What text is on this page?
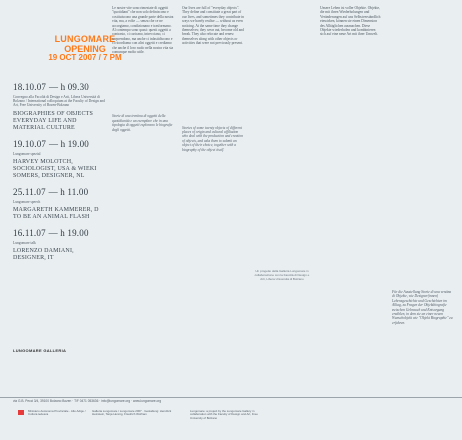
LUNGOMARE
OPENING
19 OCT 2007 / 7 PM
18.10.07 — h 09.30
Convegno alla Facoltà di Design e Arti, Libera Università di Bolzano / International colloquium at the Faculty of Design and Art, Free University of Bozen-Bolzano
BIOGRAPHIES OF OBJECTS EVERYDAY LIFE AND MATERIAL CULTURE
19.10.07 — h 19.00
Lungomare spezial
HARVEY MOLOTCH, SOCIOLOGIST, USA & WIEKI SOMERS, DESIGNER, NL
25.11.07 — h 11.00
Lungomare speech
MARGARETH KAMMERER, D TO BE AN ANIMAL FLASH
16.11.07 — h 19.00
Lungomare talk
LORENZO DAMIANI, DESIGNER, IT
Le nostre vite sono rimestate di oggetti "quotidiani" che non solo definiscono e costituiscono una grande parte della nostra vita, ma, a volte — senza che ce ne accorgiamo, condizionano e trasformano. Al contempo sono quasi: questi oggetti a contrasto, ci caricano, intrecciano, ci sorprendono, ma anche ci infastidiscono e ci ricordiamo con altri oggetti e crediamo che anche il loro ruolo nella nostra vita sia comunque molto utile.
Storie di una trentina di oggetti della quotidianità e un esemplare che in una tipologia di oggetti esplorano le biografie degli oggetti.
Our lives are full of "everyday objects". They define and constitute a great part of our lives, and sometimes they contribute in ways we barely realise — without us even noticing. At the same time they change themselves; they wear out, become old and break. They also relocate and renew themselves along with other objects or activities that were not previously present.
Stories of some twenty objects of different places of origin and cultural affiliation who deal with the production and creation of objects, and asks them to submit an object of their choice, together with a biography of the object itself.
Un progetto della Galleria Lungomare in collaborazione con la Facoltà di Design e Arti, Libera Università di Bolzano
Unsere Leben ist voller Objekte. Objekte, die mit ihren Wiederholungen und Veränderungen auf uns Selbstverständlich einwirken, können sie einen Dimension des Alltäglichen ausmachen. Diese Objekte wiederholen und kombinieren sich auf eine neue Art mit ihrer Umwelt.
Für die Ausstellung Storie di una ventina di Objekte, wie Designer(innen) Lebensgeschichte und Geschichten im Alltag, zu Fragen der Objektbiografie zwischen Gebrauch und Entsorgung erzählen, in dem sie an einer neuen Wunschobjekt wie "Objekt Biographie" zu erfahren.
LUNGOMARE GALLERIA
via G.B. Pecci 3/4, 39100 Bolzano Bozen · T/F 0471 053636 · info@lungomare.org · www.lungomare.org
Ministero Autonoma Provinciale - Alto Adige / Cultura tedesca
Galleria Lungomare / Lungomare 2007 · Gestaltung: Hendrick Heinstein, Tanja Hennig, Friedrich Wolfram
Lungomare: a project by the Lungomare Gallery in collaboration with the Faculty of Design and Art, Free University of Bolzano
